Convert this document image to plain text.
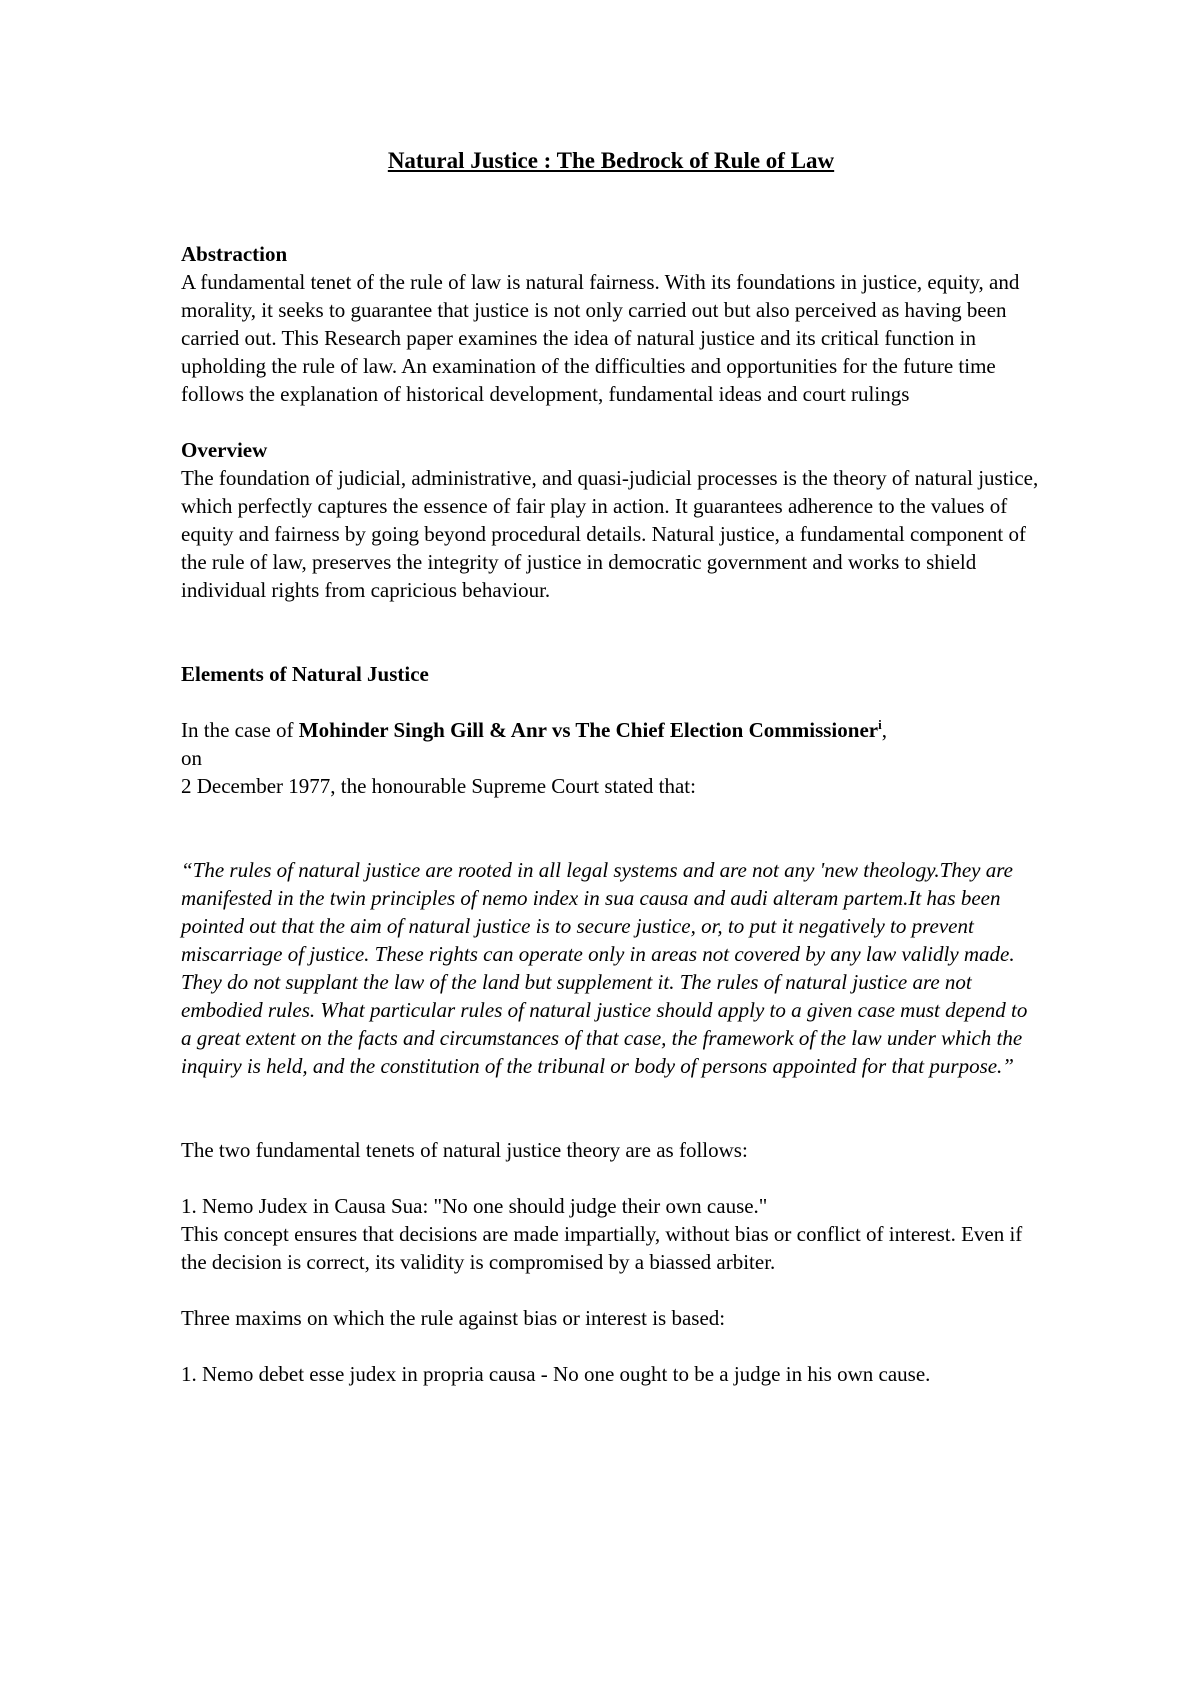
Natural Justice : The Bedrock of Rule of Law

Abstraction

A fundamental tenet of the rule of law is natural fairness. With its foundations in justice, equity, and morality, it seeks to guarantee that justice is not only carried out but also perceived as having been carried out. This Research paper examines the idea of natural justice and its critical function in upholding the rule of law. An examination of the difficulties and opportunities for the future time follows the explanation of historical development, fundamental ideas and court rulings

Overview

The foundation of judicial, administrative, and quasi-judicial processes is the theory of natural justice, which perfectly captures the essence of fair play in action. It guarantees adherence to the values of equity and fairness by going beyond procedural details. Natural justice, a fundamental component of the rule of law, preserves the integrity of justice in democratic government and works to shield individual rights from capricious behaviour.

Elements of Natural Justice

In the case of Mohinder Singh Gill & Anr vs The Chief Election Commissioner$^i$,

on

2 December 1977, the honourable Supreme Court stated that:

“The rules of natural justice are rooted in all legal systems and are not any 'new theology.They are manifested in the twin principles of nemo index in sua causa and audi alteram partem.It has been pointed out that the aim of natural justice is to secure justice, or, to put it negatively to prevent miscarriage of justice. These rights can operate only in areas not covered by any law validly made. They do not supplant the law of the land but supplement it. The rules of natural justice are not embodied rules. What particular rules of natural justice should apply to a given case must depend to a great extent on the facts and circumstances of that case, the framework of the law under which the inquiry is held, and the constitution of the tribunal or body of persons appointed for that purpose.”

The two fundamental tenets of natural justice theory are as follows:

1. Nemo Judex in Causa Sua: "No one should judge their own cause."

This concept ensures that decisions are made impartially, without bias or conflict of interest. Even if the decision is correct, its validity is compromised by a biassed arbiter.

Three maxims on which the rule against bias or interest is based:

1. Nemo debet esse judex in propria causa - No one ought to be a judge in his own cause.
